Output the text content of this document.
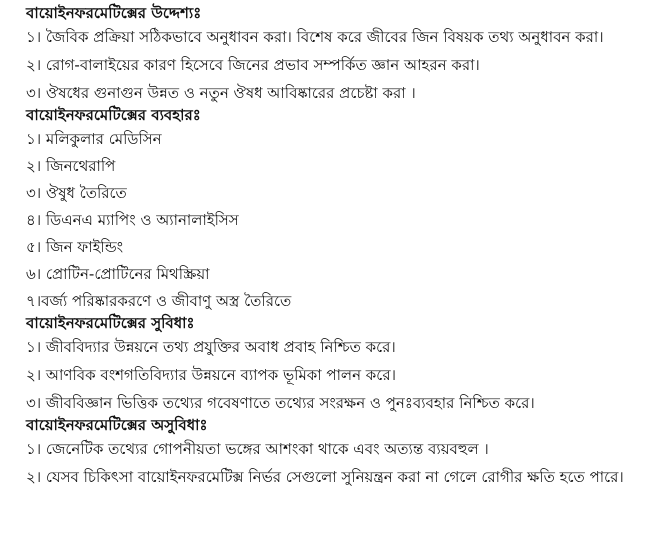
বায়োইনফরমেটিক্সের উদ্দেশ্যঃ
১। জৈবিক প্রক্রিয়া সঠিকভাবে অনুধাবন করা। বিশেষ করে জীবের জিন বিষয়ক তথ্য অনুধাবন করা।
২। রোগ-বালাইয়ের কারণ হিসেবে জিনের প্রভাব সম্পর্কিত জ্ঞান আহরন করা।
৩। ঔষধের গুনাগুন উন্নত ও নতুন ঔষধ আবিষ্কারের প্রচেষ্টা করা ।
বায়োইনফরমেটিক্সের ব্যবহারঃ
১। মলিকুলার মেডিসিন
২। জিনথেরাপি
৩। ঔষুধ তৈরিতে
৪। ডিএনএ ম্যাপিং ও অ্যানালাইসিস
৫। জিন ফাইন্ডিং
৬। প্রোটিন-প্রোটিনের মিথস্ক্রিয়া
৭।বর্জ্য পরিষ্কারকরণে ও জীবাণু অস্ত্র তৈরিতে
বায়োইনফরমেটিক্সের সুবিধাঃ
১। জীববিদ্যার উন্নয়নে তথ্য প্রযুক্তির অবাধ প্রবাহ নিশ্চিত করে।
২। আণবিক বংশগতিবিদ্যার উন্নয়নে ব্যাপক ভূমিকা পালন করে।
৩। জীববিজ্ঞান ভিত্তিক তথ্যের গবেষণাতে তথ্যের সংরক্ষন ও পুনঃব্যবহার নিশ্চিত করে।
বায়োইনফরমেটিক্সের অসুবিধাঃ
১। জেনেটিক তথ্যের গোপনীয়তা ভঙ্গের আশংকা থাকে এবং অত্যন্ত ব্যয়বহুল ।
২। যেসব চিকিৎসা বায়োইনফরমেটিক্স নির্ভর সেগুলো সুনিয়ন্ত্রন করা না গেলে রোগীর ক্ষতি হতে পারে।
